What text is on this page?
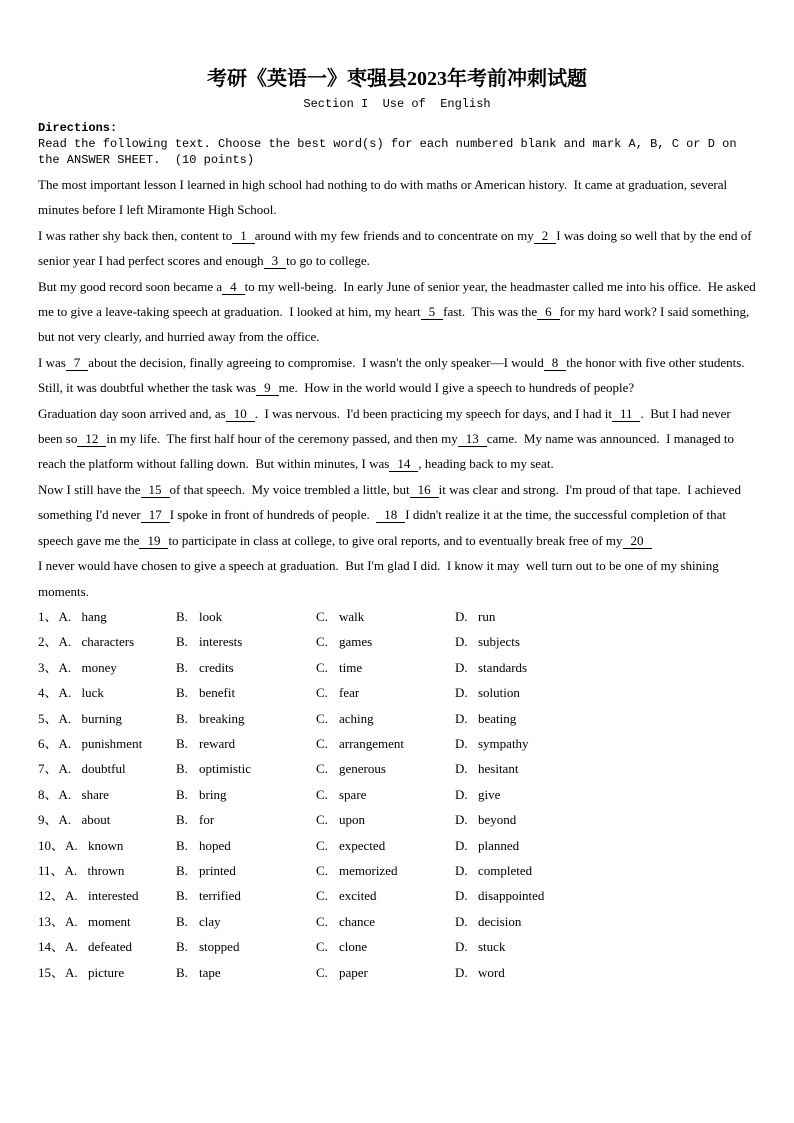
考研《英语一》枣强县2023年考前冲刺试题
Section I  Use of  English
Directions:
Read the following text. Choose the best word(s) for each numbered blank and mark A, B, C or D on the ANSWER SHEET.  (10 points)

The most important lesson I learned in high school had nothing to do with maths or American history.  It came at graduation, several minutes before I left Miramonte High School.

I was rather shy back then, content to 1 around with my few friends and to concentrate on my 2 I was doing so well that by the end of senior year I had perfect scores and enough 3 to go to college.

But my good record soon became a 4 to my well-being.  In early June of senior year, the headmaster called me into his office.  He asked me to give a leave-taking speech at graduation.  I looked at him, my heart 5 fast.  This was the 6 for my hard work? I said something, but not very clearly, and hurried away from the office.

I was 7 about the decision, finally agreeing to compromise.  I wasn't the only speaker—I would 8 the honor with five other students.  Still, it was doubtful whether the task was 9 me.  How in the world would I give a speech to hundreds of people?

Graduation day soon arrived and, as 10 .  I was nervous.  I'd been practicing my speech for days, and I had it 11 .  But I had never been so 12 in my life.  The first half hour of the ceremony passed, and then my 13 came.  My name was announced.  I managed to reach the platform without falling down.  But within minutes, I was 14 , heading back to my seat.

Now I still have the 15 of that speech.  My voice trembled a little, but 16 it was clear and strong.  I'm proud of that tape.  I achieved something I'd never 17 I spoke in front of hundreds of people.  18 I didn't realize it at the time, the successful completion of that speech gave me the 19 to participate in class at college, to give oral reports, and to eventually break free of my 20

I never would have chosen to give a speech at graduation.  But I'm glad I did.  I know it may  well turn out to be one of my shining moments.

1、A. hang	B. look	C. walk	D. run
2、A. characters	B. interests	C. games	D. subjects
3、A. money	B. credits	C. time	D. standards
4、A. luck	B. benefit	C. fear	D. solution
5、A. burning	B. breaking	C. aching	D. beating
6、A. punishment	B. reward	C. arrangement	D. sympathy
7、A. doubtful	B. optimistic	C. generous	D. hesitant
8、A. share	B. bring	C. spare	D. give
9、A. about	B. for	C. upon	D. beyond
10、A. known	B. hoped	C. expected	D. planned
11、A. thrown	B. printed	C. memorized	D. completed
12、A. interested	B. terrified	C. excited	D. disappointed
13、A. moment	B. clay	C. chance	D. decision
14、A. defeated	B. stopped	C. clone	D. stuck
15、A. picture	B. tape	C. paper	D. word
